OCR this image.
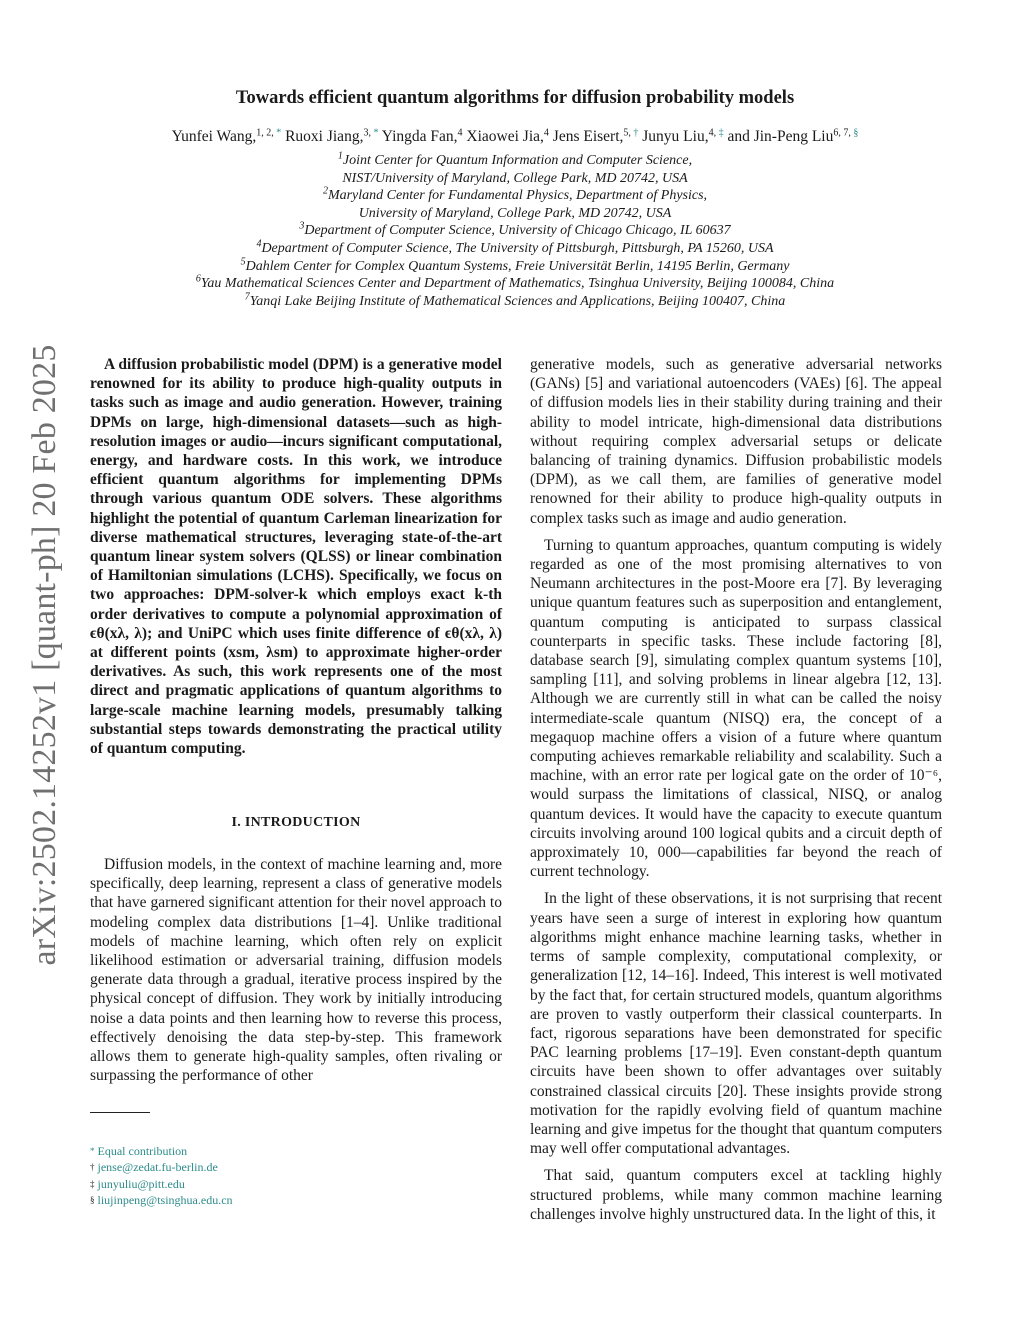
arXiv:2502.14252v1 [quant-ph] 20 Feb 2025
Towards efficient quantum algorithms for diffusion probability models
Yunfei Wang,$^{1, 2,}$ * Ruoxi Jiang,$^{3,}$ * Yingda Fan,$^4$ Xiaowei Jia,$^4$ Jens Eisert,$^{5,}$ † Junyu Liu,$^{4,}$ ‡ and Jin-Peng Liu$^{6, 7,}$ §
$^1$Joint Center for Quantum Information and Computer Science,
NIST/University of Maryland, College Park, MD 20742, USA
$^2$Maryland Center for Fundamental Physics, Department of Physics,
University of Maryland, College Park, MD 20742, USA
$^3$Department of Computer Science, University of Chicago Chicago, IL 60637
$^4$Department of Computer Science, The University of Pittsburgh, Pittsburgh, PA 15260, USA
$^5$Dahlem Center for Complex Quantum Systems, Freie Universität Berlin, 14195 Berlin, Germany
$^6$Yau Mathematical Sciences Center and Department of Mathematics, Tsinghua University, Beijing 100084, China
$^7$Yanqi Lake Beijing Institute of Mathematical Sciences and Applications, Beijing 100407, China
A diffusion probabilistic model (DPM) is a generative model renowned for its ability to produce high-quality outputs in tasks such as image and audio generation. However, training DPMs on large, high-dimensional datasets—such as high-resolution images or audio—incurs significant computational, energy, and hardware costs. In this work, we introduce efficient quantum algorithms for implementing DPMs through various quantum ODE solvers. These algorithms highlight the potential of quantum Carleman linearization for diverse mathematical structures, leveraging state-of-the-art quantum linear system solvers (QLSS) or linear combination of Hamiltonian simulations (LCHS). Specifically, we focus on two approaches: DPM-solver-k which employs exact k-th order derivatives to compute a polynomial approximation of ϵθ(xλ, λ); and UniPC which uses finite difference of ϵθ(xλ, λ) at different points (xsm, λsm) to approximate higher-order derivatives. As such, this work represents one of the most direct and pragmatic applications of quantum algorithms to large-scale machine learning models, presumably talking substantial steps towards demonstrating the practical utility of quantum computing.
I. INTRODUCTION
Diffusion models, in the context of machine learning and, more specifically, deep learning, represent a class of generative models that have garnered significant attention for their novel approach to modeling complex data distributions [1–4]. Unlike traditional models of machine learning, which often rely on explicit likelihood estimation or adversarial training, diffusion models generate data through a gradual, iterative process inspired by the physical concept of diffusion. They work by initially introducing noise a data points and then learning how to reverse this process, effectively denoising the data step-by-step. This framework allows them to generate high-quality samples, often rivaling or surpassing the performance of other
* Equal contribution
† jense@zedat.fu-berlin.de
‡ junyuliu@pitt.edu
§ liujinpeng@tsinghua.edu.cn

generative models, such as generative adversarial networks (GANs) [5] and variational autoencoders (VAEs) [6]. The appeal of diffusion models lies in their stability during training and their ability to model intricate, high-dimensional data distributions without requiring complex adversarial setups or delicate balancing of training dynamics. Diffusion probabilistic models (DPM), as we call them, are families of generative model renowned for their ability to produce high-quality outputs in complex tasks such as image and audio generation.

Turning to quantum approaches, quantum computing is widely regarded as one of the most promising alternatives to von Neumann architectures in the post-Moore era [7]. By leveraging unique quantum features such as superposition and entanglement, quantum computing is anticipated to surpass classical counterparts in specific tasks. These include factoring [8], database search [9], simulating complex quantum systems [10], sampling [11], and solving problems in linear algebra [12, 13]. Although we are currently still in what can be called the noisy intermediate-scale quantum (NISQ) era, the concept of a megaquop machine offers a vision of a future where quantum computing achieves remarkable reliability and scalability. Such a machine, with an error rate per logical gate on the order of 10⁻⁶, would surpass the limitations of classical, NISQ, or analog quantum devices. It would have the capacity to execute quantum circuits involving around 100 logical qubits and a circuit depth of approximately 10, 000—capabilities far beyond the reach of current technology.

In the light of these observations, it is not surprising that recent years have seen a surge of interest in exploring how quantum algorithms might enhance machine learning tasks, whether in terms of sample complexity, computational complexity, or generalization [12, 14–16]. Indeed, This interest is well motivated by the fact that, for certain structured models, quantum algorithms are proven to vastly outperform their classical counterparts. In fact, rigorous separations have been demonstrated for specific PAC learning problems [17–19]. Even constant-depth quantum circuits have been shown to offer advantages over suitably constrained classical circuits [20]. These insights provide strong motivation for the rapidly evolving field of quantum machine learning and give impetus for the thought that quantum computers may well offer computational advantages.

That said, quantum computers excel at tackling highly structured problems, while many common machine learning challenges involve highly unstructured data. In the light of this, it
